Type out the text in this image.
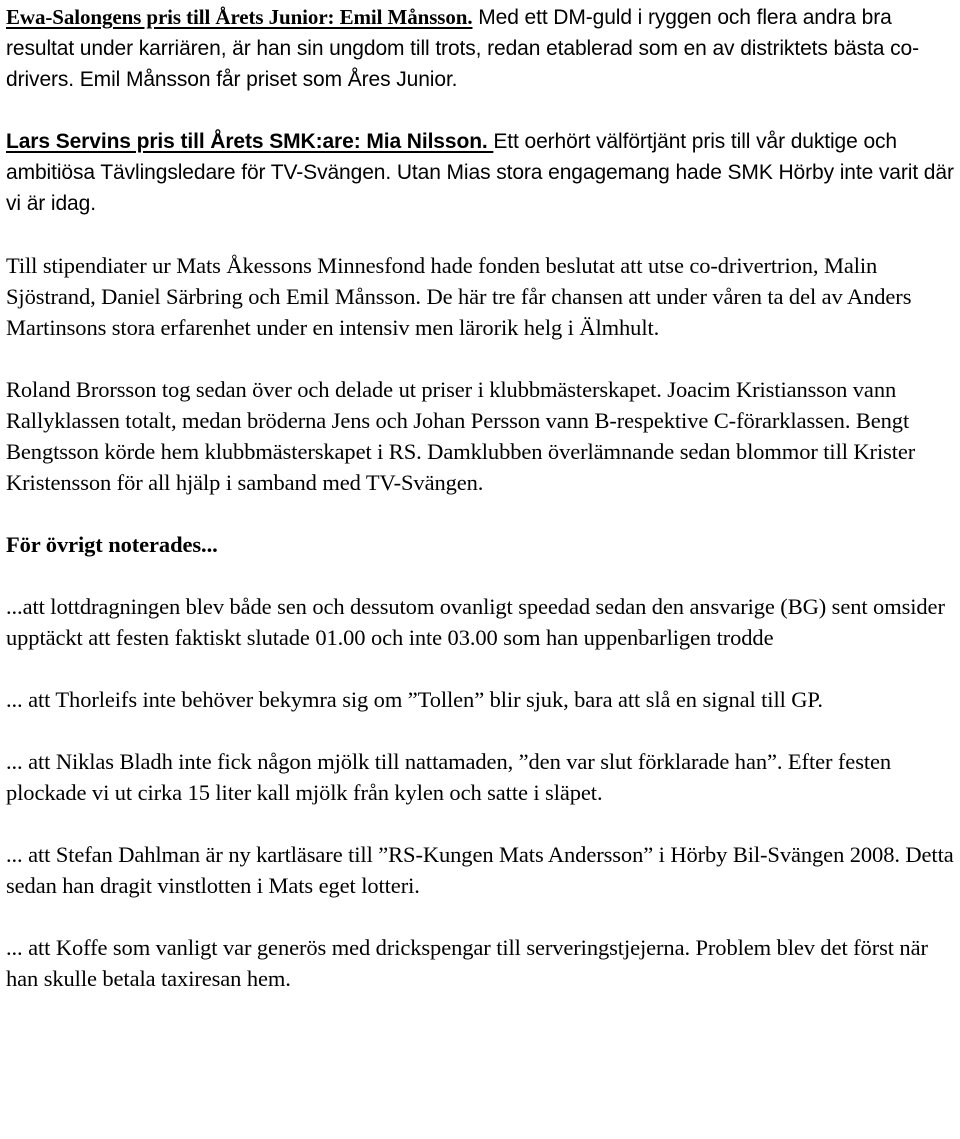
Ewa-Salongens pris till Årets Junior: Emil Månsson. Med ett DM-guld i ryggen och flera andra bra resultat under karriären, är han sin ungdom till trots, redan etablerad som en av distriktets bästa co-drivers. Emil Månsson får priset som Åres Junior.

Lars Servins pris till Årets SMK:are: Mia Nilsson. Ett oerhört välförtjänt pris till vår duktige och ambitiösa Tävlingsledare för TV-Svängen. Utan Mias stora engagemang hade SMK Hörby inte varit där vi är idag.

Till stipendiater ur Mats Åkessons Minnesfond hade fonden beslutat att utse co-drivertrion, Malin Sjöstrand, Daniel Särbring och Emil Månsson. De här tre får chansen att under våren ta del av Anders Martinsons stora erfarenhet under en intensiv men lärorik helg i Älmhult.

Roland Brorsson tog sedan över och delade ut priser i klubbmästerskapet. Joacim Kristiansson vann Rallyklassen totalt, medan bröderna Jens och Johan Persson vann B-respektive C-förarklassen. Bengt Bengtsson körde hem klubbmästerskapet i RS. Damklubben överlämnande sedan blommor till Krister Kristensson för all hjälp i samband med TV-Svängen.

För övrigt noterades...

...att lottdragningen blev både sen och dessutom ovanligt speedad sedan den ansvarige (BG) sent omsider upptäckt att festen faktiskt slutade 01.00 och inte 03.00 som han uppenbarligen trodde

... att Thorleifs inte behöver bekymra sig om ”Tollen” blir sjuk, bara att slå en signal till GP.

... att Niklas Bladh inte fick någon mjölk till nattamaden, ”den var slut förklarade han”. Efter festen plockade vi ut cirka 15 liter kall mjölk från kylen och satte i släpet.

... att Stefan Dahlman är ny kartläsare till ”RS-Kungen Mats Andersson” i Hörby Bil-Svängen 2008. Detta sedan han dragit vinstlotten i Mats eget lotteri.

... att Koffe som vanligt var generös med drickspengar till serveringstjejerna. Problem blev det först när han skulle betala taxiresan hem.
